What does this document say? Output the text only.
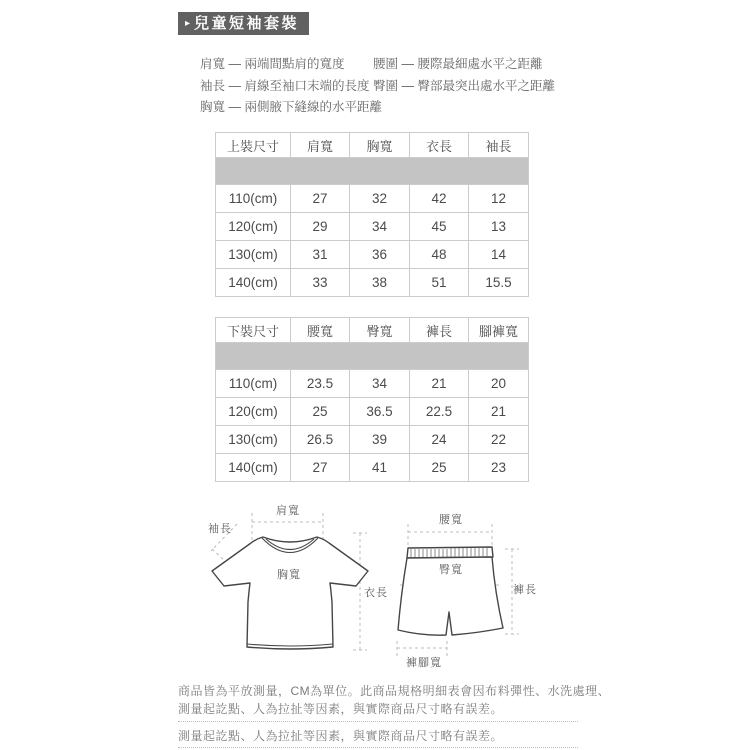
▸ 兒童短袖套裝
肩寬 — 兩端間點肩的寬度
袖長 — 肩線至袖口末端的長度
胸寬 — 兩側腋下縫線的水平距離
腰圍 — 腰際最細處水平之距離
臀圍 — 臀部最突出處水平之距離
上裝尺寸	肩寬	胸寬	衣長	袖長

110(cm)	27	32	42	12
120(cm)	29	34	45	13
130(cm)	31	36	48	14
140(cm)	33	38	51	15.5
下裝尺寸	腰寬	臀寬	褲長	腳褲寬

110(cm)	23.5	34	21	20
120(cm)	25	36.5	22.5	21
130(cm)	26.5	39	24	22
140(cm)	27	41	25	23
肩寬
袖長
胸寬
衣長
腰寬
臀寬
褲長
褲腳寬
商品皆為平放測量，CM為單位。此商品規格明細表會因布料彈性、水洗處理、
測量起訖點、人為拉扯等因素，與實際商品尺寸略有誤差。
測量起訖點、人為拉扯等因素，與實際商品尺寸略有誤差。
